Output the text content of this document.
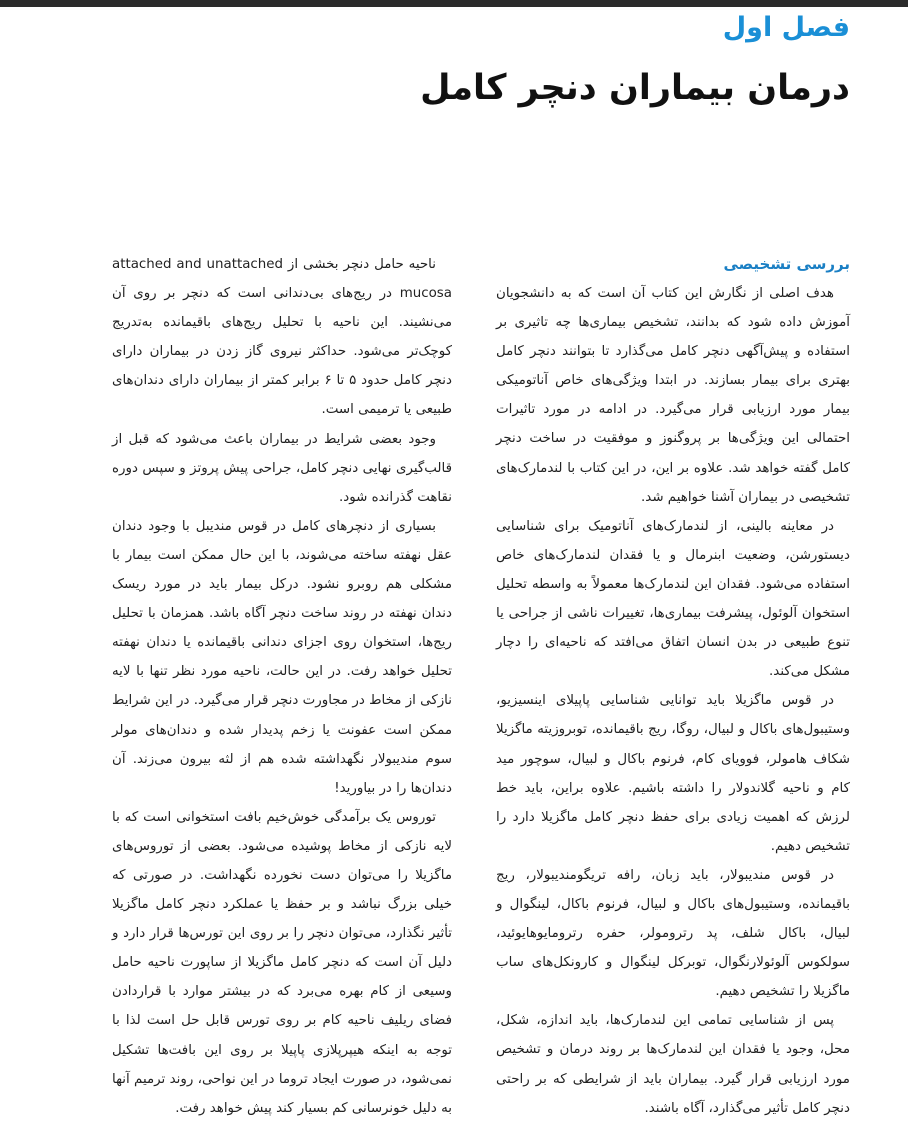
فصل اول
درمان بیماران دنچر کامل
بررسی تشخیصی

هدف اصلی از نگارش این کتاب آن است که به دانشجویان آموزش داده شود که بدانند، تشخیص بیماری‌ها چه تاثیری بر استفاده و پیش‌آگهی دنچر کامل می‌گذارد تا بتوانند دنچر کامل بهتری برای بیمار بسازند. در ابتدا ویژگی‌های خاص آناتومیکی بیمار مورد ارزیابی قرار می‌گیرد. در ادامه در مورد تاثیرات احتمالی این ویژگی‌ها بر پروگنوز و موفقیت در ساخت دنچر کامل گفته خواهد شد. علاوه بر این، در این کتاب با لندمارک‌های تشخیصی در بیماران آشنا خواهیم شد.

در معاینه بالینی، از لندمارک‌های آناتومیک برای شناسایی دیستورشن، وضعیت ابنرمال و یا فقدان لندمارک‌های خاص استفاده می‌شود. فقدان این لندمارک‌ها معمولاً به واسطه تحلیل استخوان آلوئول، پیشرفت بیماری‌ها، تغییرات ناشی از جراحی یا تنوع طبیعی در بدن انسان اتفاق می‌افتد که ناحیه‌ای را دچار مشکل می‌کند.

در قوس ماگزیلا باید توانایی شناسایی پاپیلای اینسیزیو، وستیبول‌های باکال و لبیال، روگا، ریج باقیمانده، توبروزیته ماگزیلا شکاف هامولر، فوویای کام، فرنوم باکال و لبیال، سوچور مید کام و ناحیه گلاندولار را داشته باشیم. علاوه براین، باید خط لرزش که اهمیت زیادی برای حفظ دنچر کامل ماگزیلا دارد را تشخیص دهیم.

در قوس مندیبولار، باید زبان، رافه تریگومندیبولار، ریج باقیمانده، وستیبول‌های باکال و لبیال، فرنوم باکال، لینگوال و لبیال، باکال شلف، پد رترومولر، حفره رترومایوهایوئید، سولکوس آلوئولارنگوال، توبرکل لینگوال و کارونکل‌های ساب ماگزیلا را تشخیص دهیم.

پس از شناسایی تمامی این لندمارک‌ها، باید اندازه، شکل، محل، وجود یا فقدان این لندمارک‌ها بر روند درمان و تشخیص مورد ارزیابی قرار گیرد. بیماران باید از شرایطی که بر راحتی دنچر کامل تأثیر می‌گذارد، آگاه باشند.

ناحیه حامل دنچر بخشی از attached and unattached mucosa در ریج‌های بی‌دندانی است که دنچر بر روی آن می‌نشیند. این ناحیه با تحلیل ریج‌های باقیمانده به‌تدریج کوچک‌تر می‌شود. حداکثر نیروی گاز زدن در بیماران دارای دنچر کامل حدود ۵ تا ۶ برابر کمتر از بیماران دارای دندان‌های طبیعی یا ترمیمی است.

وجود بعضی شرایط در بیماران باعث می‌شود که قبل از قالب‌گیری نهایی دنچر کامل، جراحی پیش پروتز و سپس دوره نقاهت گذرانده شود.

بسیاری از دنچرهای کامل در قوس مندیبل با وجود دندان عقل نهفته ساخته می‌شوند، با این حال ممکن است بیمار با مشکلی هم روبرو نشود. درکل بیمار باید در مورد ریسک دندان نهفته در روند ساخت دنچر آگاه باشد. همزمان با تحلیل ریج‌ها، استخوان روی اجزای دندانی باقیمانده یا دندان نهفته تحلیل خواهد رفت. در این حالت، ناحیه مورد نظر تنها با لایه نازکی از مخاط در مجاورت دنچر قرار می‌گیرد. در این شرایط ممکن است عفونت یا زخم پدیدار شده و دندان‌های مولر سوم مندیبولار نگهداشته شده هم از لثه بیرون می‌زند. آن دندان‌ها را در بیاورید!

توروس یک برآمدگی خوش‌خیم بافت استخوانی است که با لایه نازکی از مخاط پوشیده می‌شود. بعضی از توروس‌های ماگزیلا را می‌توان دست نخورده نگهداشت. در صورتی که خیلی بزرگ نباشد و بر حفظ یا عملکرد دنچر کامل ماگزیلا تأثیر نگذارد، می‌توان دنچر را بر روی این تورس‌ها قرار دارد و دلیل آن است که دنچر کامل ماگزیلا از ساپورت ناحیه حامل وسیعی از کام بهره می‌برد که در بیشتر موارد با قراردادن فضای ریلیف ناحیه کام بر روی تورس قابل حل است لذا با توجه به اینکه هیپرپلازی پاپیلا بر روی این بافت‌ها تشکیل نمی‌شود، در صورت ایجاد تروما در این نواحی، روند ترمیم آنها به دلیل خونرسانی کم بسیار کند پیش خواهد رفت.
